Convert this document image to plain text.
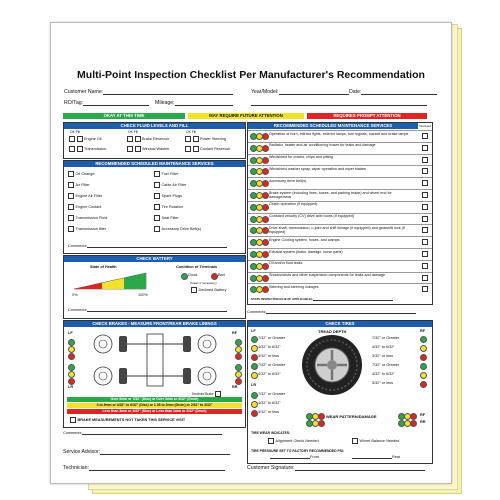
Multi-Point Inspection Checklist Per Manufacturer's Recommendation
Customer Name:	Year/Model:	Date:
RO/Tag:	Mileage:
OKAY AT THIS TIME	MAY REQUIRE FUTURE ATTENTION	REQUIRES PROMPT ATTENTION
CHECK FLUID LEVELS AND FILL
OK Fill	OK Fill	OK Fill
Engine Oil	Brake Reservoir	Power Steering
Transmission	Window Washer	Coolant Reservoir
RECOMMENDED SCHEDULED MAINTENANCE SERVICES
Oil Change	Fuel Filter
Air Filter	Cabin Air Filter
Engine Air Filter	Spark Plugs
Engine Coolant	Tire Rotation
Transmission Fluid	Seat Filter
Transmission filter	Accessory Drive Belt(s)
Comments:
CHECK BATTERY
State of Health	Condition of Terminals
0%	100%
Good	Bad
(Clean if necessary)
Declined Battery
Comments:
CHECK BRAKES - MEASURE FRONT/REAR BRAKE LININGS
LF	RF
LR	RR
Declined Brake
Over 5mm or 7/32" (Disc) or Over 3mm or 3/32" (Drum)
3 to 5mm or 4/32" to 6/32" (Disc) or 1.05 to 2mm (Drum) or 2/32" to 3/32"
Less than 3mm or 4/32" (Disc) or Less than 1mm or 2/32" (Drum)
BRAKE MEASUREMENTS NOT TAKEN THIS SERVICE VISIT
Comments:
RECOMMENDED SCHEDULED MAINTENANCE SERVICES	Declined
Operation of horn, interior lights, exterior lamps, turn signals, hazard and brake lamps
Radiator, heater and air conditioning hoses for leaks and damage
Windshield for cracks, chips and pitting
Windshield washer spray, wiper operation and wiper blades
Accessory drive belt(s)
Brake system (including lines, hoses, and parking brake) and wheel end for damage/wear
Clutch operation (if equipped)
Constant velocity (CV) drive axle boots (if equipped)
Drive shaft, transmission, u-joint and shift linkage (if equipped) and gearshift lock (if equipped)
Engine Cooling system, hoses, and clamps
Exhaust system (leaks, damage, loose parts)
Oil and/or fluid leaks
Shocks/struts and other suspension components for leaks and damage
Steering and steering linkages
STATE INSPECTION DUE (IF APPLICABLE):
Comments:
CHECK TIRES
TREAD DEPTH
LF	RF
LR
7/32" or Greater
4/32" to 6/32"
3/32" or less
7/32" or Greater
4/32" to 6/32"
7/32" or Greater
4/32" to 6/32"
3/32" or less
7/32" or Greater
4/32" to 6/32"
3/32" or less
7/32" or Greater
4/32" to 6/32"
3/32" or less
WEAR PATTERN/DAMAGE	RF
RR
TIRE WEAR INDICATES:
Alignment Check Needed	Wheel Balance Needed
TIRE PRESSURE SET TO FACTORY RECOMMENDED PSI:
Front	Rear
Service Advisor:
Technician:	Customer Signature:
